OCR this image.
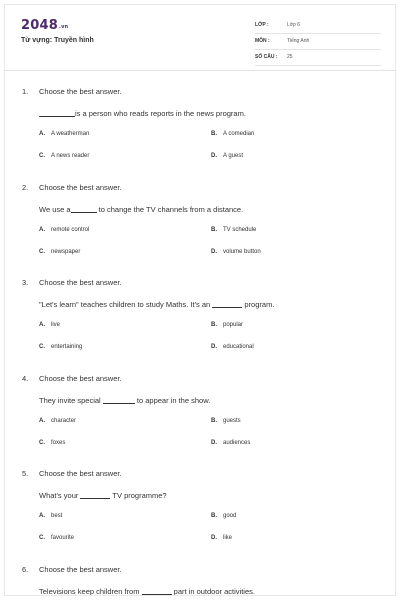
$2048^{.vn}$
Từ vựng: Truyền hình
LỚP :	Lớp 6
MÔN :	Tiếng Anh
SỐ CÂU : 25
1. Choose the best answer.
is a person who reads reports in the news program.
A. A weatherman	B. A comedian
C. A news reader	D. A guest
2. Choose the best answer.
We use a	to change the TV channels from a distance.
A. remote control	B. TV schedule
C. newspaper	D. volume button
3. Choose the best answer.
"Let's learn" teaches children to study Maths. It's an	program.
A. live	B. popular
C. entertaining	D. educational
4. Choose the best answer.
They invite special	to appear in the show.
A. character	B. guests
C. foxes	D. audiences
5. Choose the best answer.
What's your	TV programme?
A. best	B. good
C. favourite	D. like
6. Choose the best answer.
Televisions keep children from	part in outdoor activities.
